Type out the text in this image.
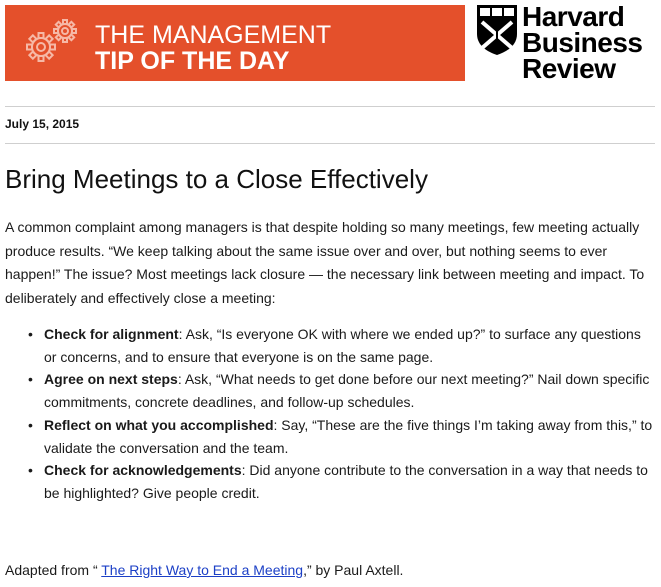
THE MANAGEMENT
TIP OF THE DAY
Harvard
Business
Review
July 15, 2015
Bring Meetings to a Close Effectively

A common complaint among managers is that despite holding so many meetings, few meeting actually produce results. “We keep talking about the same issue over and over, but nothing seems to ever happen!” The issue? Most meetings lack closure — the necessary link between meeting and impact. To deliberately and effectively close a meeting:

• Check for alignment: Ask, “Is everyone OK with where we ended up?” to surface any questions or concerns, and to ensure that everyone is on the same page.
• Agree on next steps: Ask, “What needs to get done before our next meeting?” Nail down specific commitments, concrete deadlines, and follow-up schedules.
• Reflect on what you accomplished: Say, “These are the five things I’m taking away from this,” to validate the conversation and the team.
• Check for acknowledgements: Did anyone contribute to the conversation in a way that needs to be highlighted? Give people credit.
Adapted from “ The Right Way to End a Meeting,” by Paul Axtell.
